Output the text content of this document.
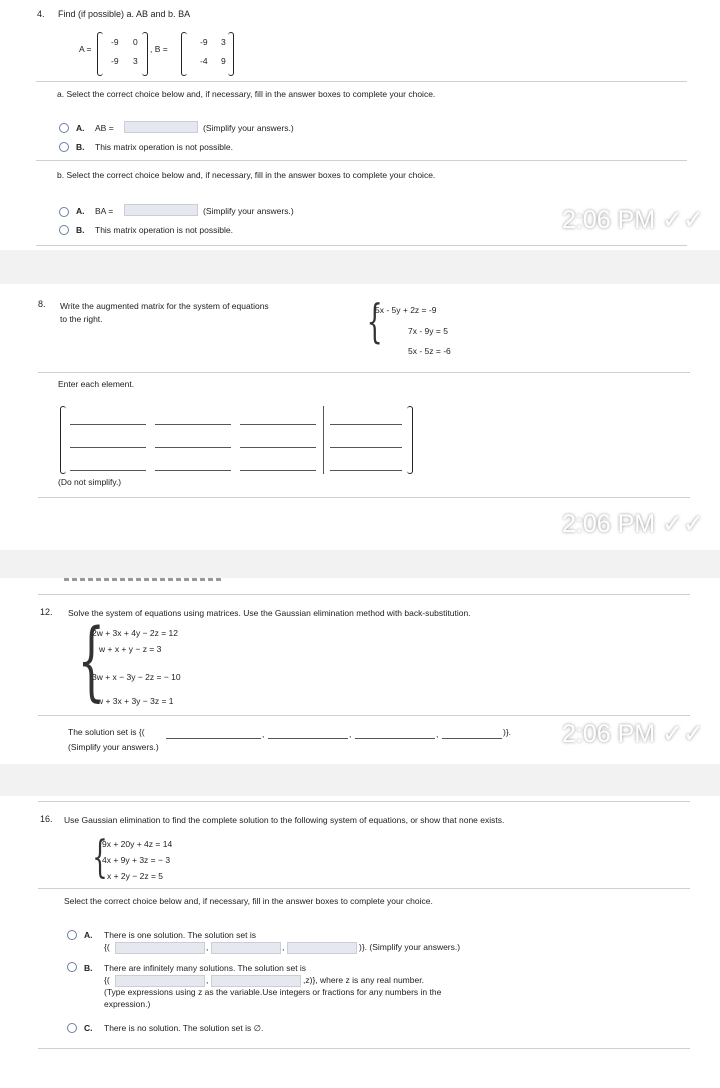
4. Find (if possible) a. AB and b. BA
A =
-9 0
-9 3
, B =
-9 3
-4 9
a. Select the correct choice below and, if necessary, fill in the answer boxes to complete your choice.
A. AB =	(Simplify your answers.)
B. This matrix operation is not possible.
b. Select the correct choice below and, if necessary, fill in the answer boxes to complete your choice.
A. BA =	(Simplify your answers.)
B. This matrix operation is not possible.	2:06 PM ✓✓
8. Write the augmented matrix for the system of equations
to the right.	{
5x - 5y + 2z = -9
7x - 9y = 5
5x - 5z = -6
Enter each element.
(Do not simplify.)
2:06 PM ✓✓
12. Solve the system of equations using matrices. Use the Gaussian elimination method with back-substitution.
{
2w + 3x + 4y − 2z = 12
w + x + y − z = 3
3w + x − 3y − 2z = − 10
−w + 3x + 3y − 3z = 1
The solution set is {(	,	,	,	)}.
(Simplify your answers.)	2:06 PM ✓✓
16. Use Gaussian elimination to find the complete solution to the following system of equations, or show that none exists.
{
9x + 20y + 4z = 14
4x + 9y + 3z = − 3
x + 2y − 2z = 5
Select the correct choice below and, if necessary, fill in the answer boxes to complete your choice.
A. There is one solution. The solution set is
{(	,	,	)}. (Simplify your answers.)
B. There are infinitely many solutions. The solution set is
{(	,	,z)}, where z is any real number.
(Type expressions using z as the variable.Use integers or fractions for any numbers in the
expression.)
C. There is no solution. The solution set is ∅.
